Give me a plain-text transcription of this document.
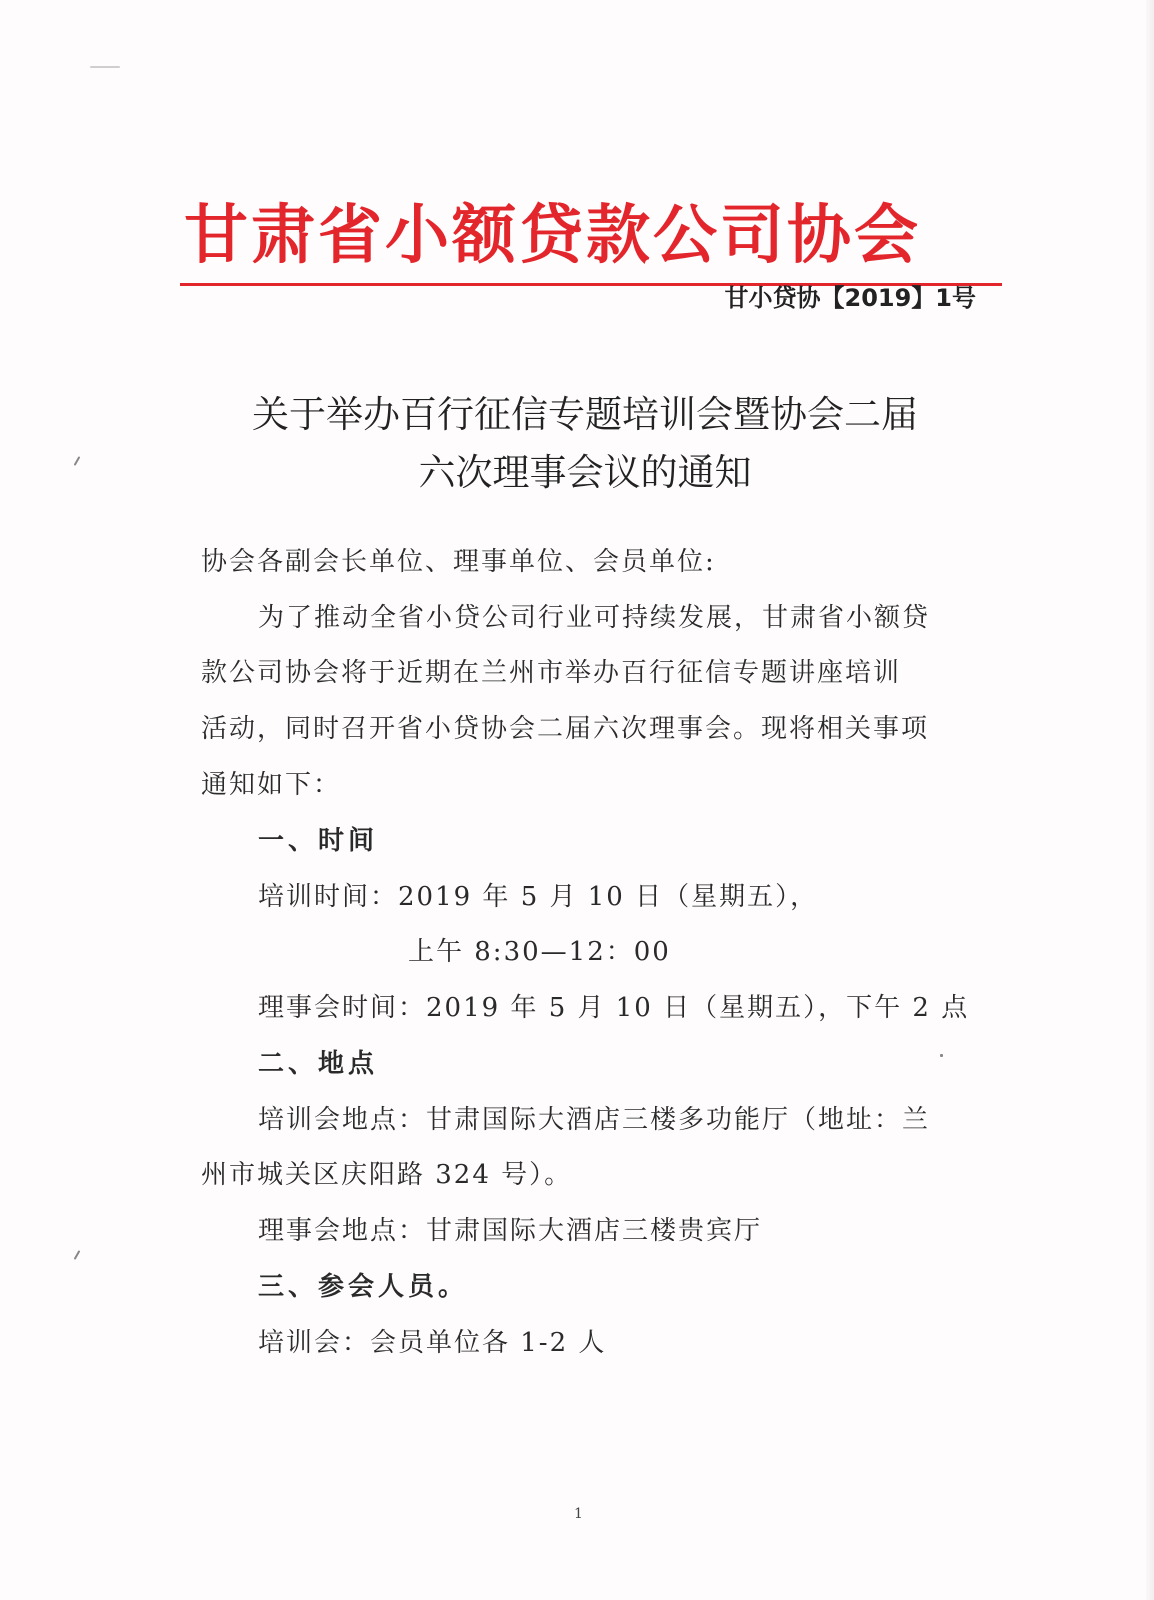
甘肃省小额贷款公司协会

甘小贷协【2019】1号

关于举办百行征信专题培训会暨协会二届
六次理事会议的通知

协会各副会长单位、理事单位、会员单位:

为了推动全省小贷公司行业可持续发展，甘肃省小额贷

款公司协会将于近期在兰州市举办百行征信专题讲座培训

活动，同时召开省小贷协会二届六次理事会。现将相关事项

通知如下：

一、时间

培训时间：2019 年 5 月 10 日（星期五），

上午 8:30—12：00

理事会时间：2019 年 5 月 10 日（星期五），下午 2 点

二、地点

培训会地点：甘肃国际大酒店三楼多功能厅（地址：兰

州市城关区庆阳路 324 号）。

理事会地点：甘肃国际大酒店三楼贵宾厅

三、参会人员。

培训会：会员单位各 1-2 人

1
